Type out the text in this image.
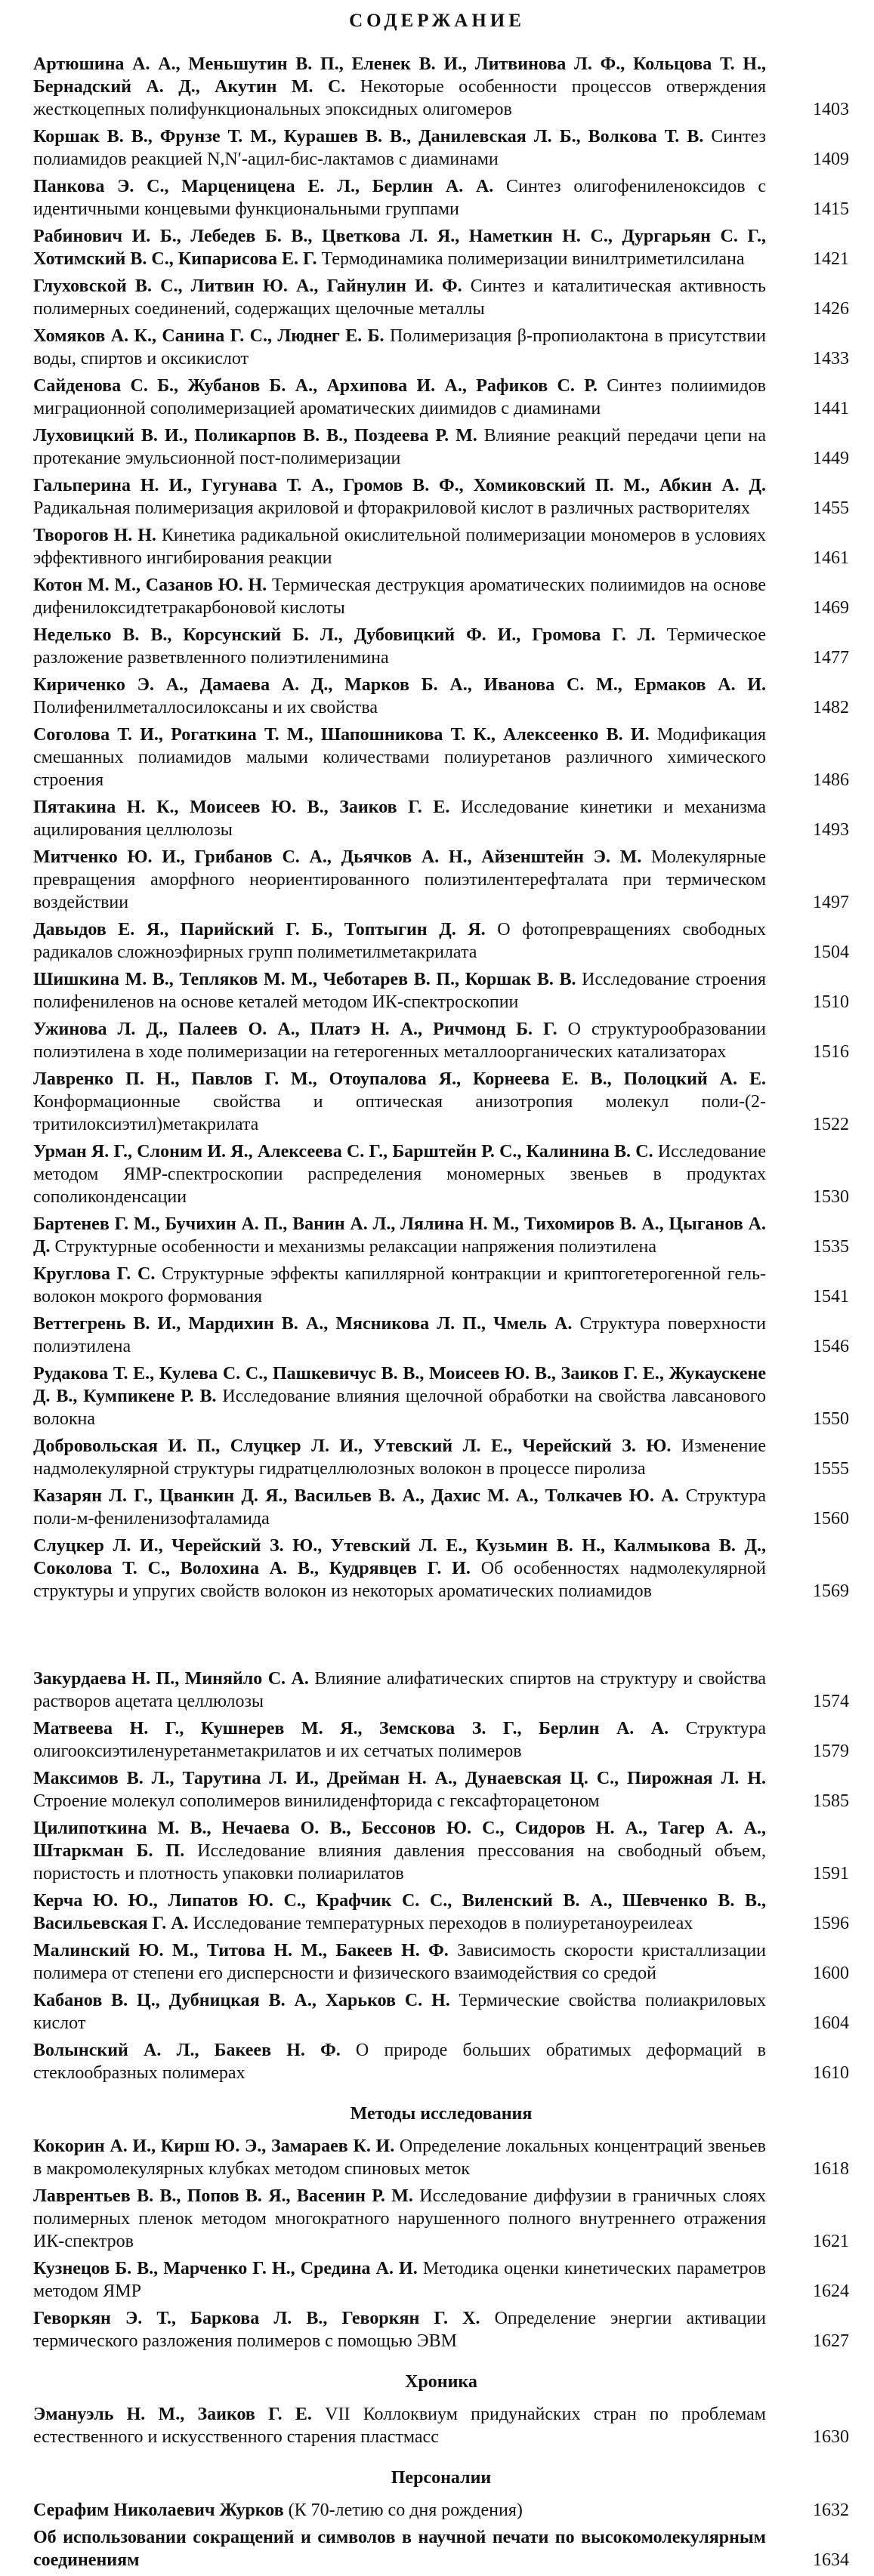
СОДЕРЖАНИЕ
Артюшина А. А., Меньшутин В. П., Еленек В. И., Литвинова Л. Ф., Кольцова Т. Н., Бернадский А. Д., Акутин М. С. Некоторые особенности процессов отверждения жесткоцепных полифункциональных эпоксидных олигомеров	1403
Коршак В. В., Фрунзе Т. М., Курашев В. В., Данилевская Л. Б., Волкова Т. В. Синтез полиамидов реакцией N,N′-ацил-бис-лактамов с диаминами	1409
Панкова Э. С., Марценицена Е. Л., Берлин А. А. Синтез олигофениленоксидов с идентичными концевыми функциональными группами	1415
Рабинович И. Б., Лебедев Б. В., Цветкова Л. Я., Наметкин Н. С., Дургарьян С. Г., Хотимский В. С., Кипарисова Е. Г. Термодинамика полимеризации винилтриметилсилана	1421
Глуховской В. С., Литвин Ю. А., Гайнулин И. Ф. Синтез и каталитическая активность полимерных соединений, содержащих щелочные металлы	1426
Хомяков А. К., Санина Г. С., Люднег Е. Б. Полимеризация β-пропиолактона в присутствии воды, спиртов и оксикислот	1433
Сайденова С. Б., Жубанов Б. А., Архипова И. А., Рафиков С. Р. Синтез полиимидов миграционной сополимеризацией ароматических диимидов с диаминами	1441
Луховицкий В. И., Поликарпов В. В., Поздеева Р. М. Влияние реакций передачи цепи на протекание эмульсионной пост-полимеризации	1449
Гальперина Н. И., Гугунава Т. А., Громов В. Ф., Хомиковский П. М., Абкин А. Д. Радикальная полимеризация акриловой и фторакриловой кислот в различных растворителях	1455
Творогов Н. Н. Кинетика радикальной окислительной полимеризации мономеров в условиях эффективного ингибирования реакции	1461
Котон М. М., Сазанов Ю. Н. Термическая деструкция ароматических полиимидов на основе дифенилоксидтетракарбоновой кислоты	1469
Неделько В. В., Корсунский Б. Л., Дубовицкий Ф. И., Громова Г. Л. Термическое разложение разветвленного полиэтиленимина	1477
Кириченко Э. А., Дамаева А. Д., Марков Б. А., Иванова С. М., Ермаков А. И. Полифенилметаллосилоксаны и их свойства	1482
Соголова Т. И., Рогаткина Т. М., Шапошникова Т. К., Алексеенко В. И. Модификация смешанных полиамидов малыми количествами полиуретанов различного химического строения	1486
Пятакина Н. К., Моисеев Ю. В., Заиков Г. Е. Исследование кинетики и механизма ацилирования целлюлозы	1493
Митченко Ю. И., Грибанов С. А., Дьячков А. Н., Айзенштейн Э. М. Молекулярные превращения аморфного неориентированного полиэтилентерефталата при термическом воздействии	1497
Давыдов Е. Я., Парийский Г. Б., Топтыгин Д. Я. О фотопревращениях свободных радикалов сложноэфирных групп полиметилметакрилата	1504
Шишкина М. В., Тепляков М. М., Чеботарев В. П., Коршак В. В. Исследование строения полифениленов на основе кеталей методом ИК-спектроскопии	1510
Ужинова Л. Д., Палеев О. А., Платэ Н. А., Ричмонд Б. Г. О структурообразовании полиэтилена в ходе полимеризации на гетерогенных металлоорганических катализаторах	1516
Лавренко П. Н., Павлов Г. М., Отоупалова Я., Корнеева Е. В., Полоцкий А. Е. Конформационные свойства и оптическая анизотропия молекул поли-(2-тритилоксиэтил)метакрилата	1522
Урман Я. Г., Слоним И. Я., Алексеева С. Г., Барштейн Р. С., Калинина В. С. Исследование методом ЯМР-спектроскопии распределения мономерных звеньев в продуктах сополиконденсации	1530
Бартенев Г. М., Бучихин А. П., Ванин А. Л., Лялина Н. М., Тихомиров В. А., Цыганов А. Д. Структурные особенности и механизмы релаксации напряжения полиэтилена	1535
Круглова Г. С. Структурные эффекты капиллярной контракции и криптогетерогенной гель-волокон мокрого формования	1541
Веттегрень В. И., Мардихин В. А., Мясникова Л. П., Чмель А. Структура поверхности полиэтилена	1546
Рудакова Т. Е., Кулева С. С., Пашкевичус В. В., Моисеев Ю. В., Заиков Г. Е., Жукаускене Д. В., Кумпикене Р. В. Исследование влияния щелочной обработки на свойства лавсанового волокна	1550
Добровольская И. П., Слуцкер Л. И., Утевский Л. Е., Черейский З. Ю. Изменение надмолекулярной структуры гидратцеллюлозных волокон в процессе пиролиза	1555
Казарян Л. Г., Цванкин Д. Я., Васильев В. А., Дахис М. А., Толкачев Ю. А. Структура поли-м-фениленизофталамида	1560
Слуцкер Л. И., Черейский З. Ю., Утевский Л. Е., Кузьмин В. Н., Калмыкова В. Д., Соколова Т. С., Волохина А. В., Кудрявцев Г. И. Об особенностях надмолекулярной структуры и упругих свойств волокон из некоторых ароматических полиамидов	1569
Закурдаева Н. П., Миняйло С. А. Влияние алифатических спиртов на структуру и свойства растворов ацетата целлюлозы	1574
Матвеева Н. Г., Кушнерев М. Я., Земскова З. Г., Берлин А. А. Структура олигооксиэтиленуретанметакрилатов и их сетчатых полимеров	1579
Максимов В. Л., Тарутина Л. И., Дрейман Н. А., Дунаевская Ц. С., Пирожная Л. Н. Строение молекул сополимеров винилиденфторида с гексафторацетоном	1585
Цилипоткина М. В., Нечаева О. В., Бессонов Ю. С., Сидоров Н. А., Тагер А. А., Штаркман Б. П. Исследование влияния давления прессования на свободный объем, пористость и плотность упаковки полиарилатов	1591
Керча Ю. Ю., Липатов Ю. С., Крафчик С. С., Виленский В. А., Шевченко В. В., Васильевская Г. А. Исследование температурных переходов в полиуретаноуреилеах	1596
Малинский Ю. М., Титова Н. М., Бакеев Н. Ф. Зависимость скорости кристаллизации полимера от степени его дисперсности и физического взаимодействия со средой	1600
Кабанов В. Ц., Дубницкая В. А., Харьков С. Н. Термические свойства полиакриловых кислот	1604
Волынский А. Л., Бакеев Н. Ф. О природе больших обратимых деформаций в стеклообразных полимерах	1610
Методы исследования
Кокорин А. И., Кирш Ю. Э., Замараев К. И. Определение локальных концентраций звеньев в макромолекулярных клубках методом спиновых меток	1618
Лаврентьев В. В., Попов В. Я., Васенин Р. М. Исследование диффузии в граничных слоях полимерных пленок методом многократного нарушенного полного внутреннего отражения ИК-спектров	1621
Кузнецов Б. В., Марченко Г. Н., Средина А. И. Методика оценки кинетических параметров методом ЯМР	1624
Геворкян Э. Т., Баркова Л. В., Геворкян Г. Х. Определение энергии активации термического разложения полимеров с помощью ЭВМ	1627
Хроника
Эмануэль Н. М., Заиков Г. Е. VII Коллоквиум придунайских стран по проблемам естественного и искусственного старения пластмасс	1630
Персоналии
Серафим Николаевич Журков (К 70-летию со дня рождения)	1632
Об использовании сокращений и символов в научной печати по высокомолекулярным соединениям	1634
